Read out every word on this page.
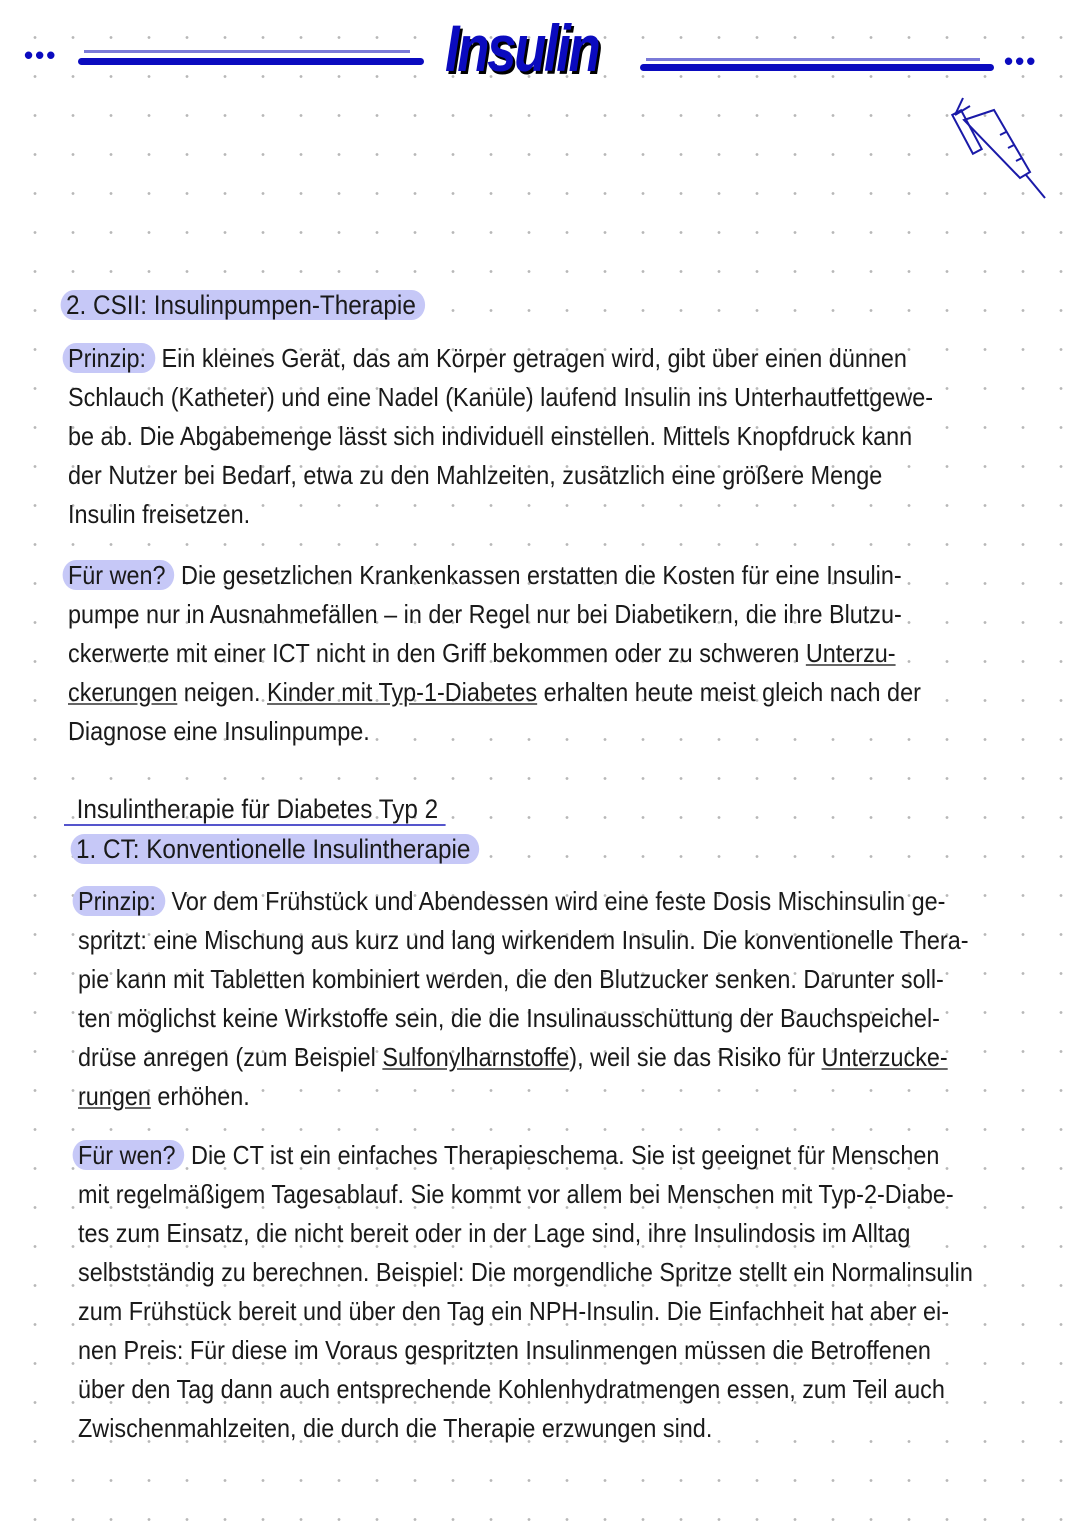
•••	Insulin	•••
2. CSII: Insulinpumpen-Therapie
Prinzip: Ein kleines Gerät, das am Körper getragen wird, gibt über einen dünnen
Schlauch (Katheter) und eine Nadel (Kanüle) laufend Insulin ins Unterhautfettgewe-
be ab. Die Abgabemenge lässt sich individuell einstellen. Mittels Knopfdruck kann
der Nutzer bei Bedarf, etwa zu den Mahlzeiten, zusätzlich eine größere Menge
Insulin freisetzen.
Für wen? Die gesetzlichen Krankenkassen erstatten die Kosten für eine Insulin-
pumpe nur in Ausnahmefällen – in der Regel nur bei Diabetikern, die ihre Blutzu-
ckerwerte mit einer ICT nicht in den Griff bekommen oder zu schweren Unterzu-
ckerungen neigen. Kinder mit Typ-1-Diabetes erhalten heute meist gleich nach der
Diagnose eine Insulinpumpe.
Insulintherapie für Diabetes Typ 2
1. CT: Konventionelle Insulintherapie
Prinzip: Vor dem Frühstück und Abendessen wird eine feste Dosis Mischinsulin ge-
spritzt: eine Mischung aus kurz und lang wirkendem Insulin. Die konventionelle Thera-
pie kann mit Tabletten kombiniert werden, die den Blutzucker senken. Darunter soll-
ten möglichst keine Wirkstoffe sein, die die Insulinausschüttung der Bauchspeichel-
drüse anregen (zum Beispiel Sulfonylharnstoffe), weil sie das Risiko für Unterzucke-
rungen erhöhen.
Für wen? Die CT ist ein einfaches Therapieschema. Sie ist geeignet für Menschen
mit regelmäßigem Tagesablauf. Sie kommt vor allem bei Menschen mit Typ-2-Diabe-
tes zum Einsatz, die nicht bereit oder in der Lage sind, ihre Insulindosis im Alltag
selbstständig zu berechnen. Beispiel: Die morgendliche Spritze stellt ein Normalinsulin
zum Frühstück bereit und über den Tag ein NPH-Insulin. Die Einfachheit hat aber ei-
nen Preis: Für diese im Voraus gespritzten Insulinmengen müssen die Betroffenen
über den Tag dann auch entsprechende Kohlenhydratmengen essen, zum Teil auch
Zwischenmahlzeiten, die durch die Therapie erzwungen sind.
